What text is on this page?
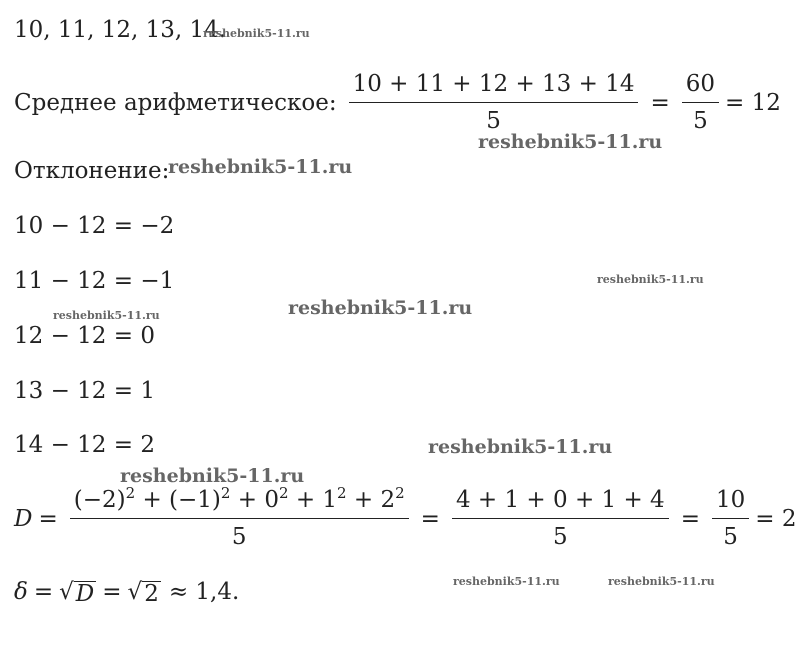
10, 11, 12, 13, 14.
reshebnik5-11.ru
Среднее арифметическое: $\frac{10 + 11 + 12 + 13 + 14}{5} = \frac{60}{5} = 12$
reshebnik5-11.ru
Отклонение:
reshebnik5-11.ru
10 − 12 = −2
11 − 12 = −1	reshebnik5-11.ru
reshebnik5-11.ru
reshebnik5-11.ru
12 − 12 = 0
13 − 12 = 1
14 − 12 = 2	reshebnik5-11.ru
reshebnik5-11.ru
$D = \frac{(-2)^2 + (-1)^2 + 0^2 + 1^2 + 2^2}{5} = \frac{4 + 1 + 0 + 1 + 4}{5} = \frac{10}{5} = 2$
δ = √ D = √ 2 ≈ 1,4.	reshebnik5-11.ru	reshebnik5-11.ru
